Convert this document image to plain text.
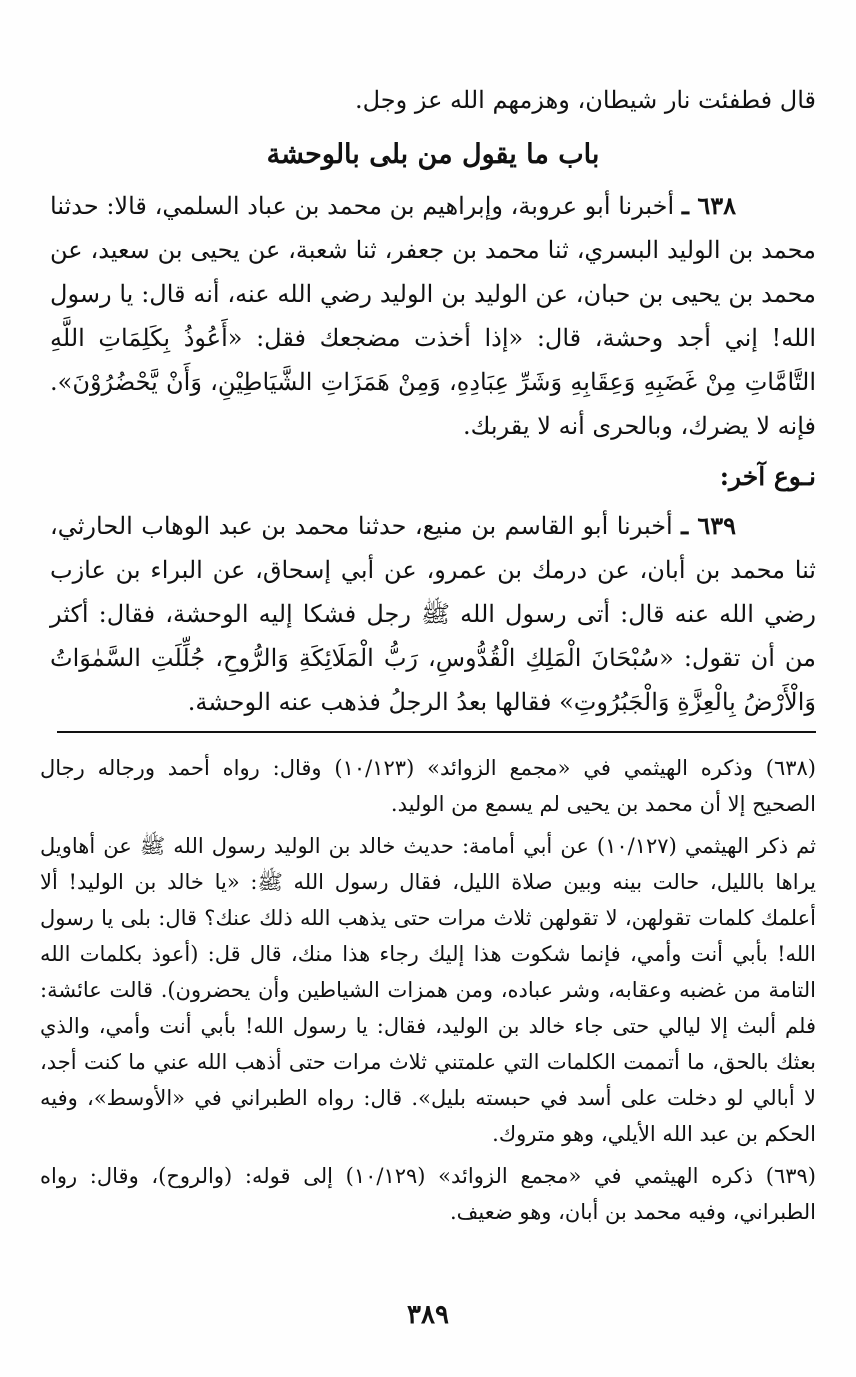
قال فطفئت نار شيطان، وهزمهم الله عز وجل.

باب ما يقول من بلى بالوحشة

٦٣٨ ـ أخبرنا أبو عروبة، وإبراهيم بن محمد بن عباد السلمي، قالا: حدثنا محمد بن الوليد البسري، ثنا محمد بن جعفر، ثنا شعبة، عن يحيى بن سعيد، عن محمد بن يحيى بن حبان، عن الوليد بن الوليد رضي الله عنه، أنه قال: يا رسول الله! إني أجد وحشة، قال: «إذا أخذت مضجعك فقل: «أَعُوذُ بِكَلِمَاتِ اللَّهِ التَّامَّاتِ مِنْ غَضَبِهِ وَعِقَابِهِ وَشَرِّ عِبَادِهِ، وَمِنْ هَمَزَاتِ الشَّيَاطِيْنِ، وَأَنْ يَّحْضُرُوْنَ». فإنه لا يضرك، وبالحرى أنه لا يقربك.

نـوع آخر:

٦٣٩ ـ أخبرنا أبو القاسم بن منيع، حدثنا محمد بن عبد الوهاب الحارثي، ثنا محمد بن أبان، عن درمك بن عمرو، عن أبي إسحاق، عن البراء بن عازب رضي الله عنه قال: أتى رسول الله ﷺ رجل فشكا إليه الوحشة، فقال: أكثر من أن تقول: «سُبْحَانَ الْمَلِكِ الْقُدُّوسِ، رَبُّ الْمَلَائِكَةِ وَالرُّوحِ، جُلِّلَتِ السَّمٰوَاتُ وَالْأَرْضُ بِالْعِزَّةِ وَالْجَبُرُوتِ» فقالها بعدُ الرجلُ فذهب عنه الوحشة.

(٦٣٨) وذكره الهيثمي في «مجمع الزوائد» (١٠/١٢٣) وقال: رواه أحمد ورجاله رجال الصحيح إلا أن محمد بن يحيى لم يسمع من الوليد.

ثم ذكر الهيثمي (١٠/١٢٧) عن أبي أمامة: حديث خالد بن الوليد رسول الله ﷺ عن أهاويل يراها بالليل، حالت بينه وبين صلاة الليل، فقال رسول الله ﷺ: «يا خالد بن الوليد! ألا أعلمك كلمات تقولهن، لا تقولهن ثلاث مرات حتى يذهب الله ذلك عنك؟ قال: بلى يا رسول الله! بأبي أنت وأمي، فإنما شكوت هذا إليك رجاء هذا منك، قال قل: (أعوذ بكلمات الله التامة من غضبه وعقابه، وشر عباده، ومن همزات الشياطين وأن يحضرون). قالت عائشة: فلم ألبث إلا ليالي حتى جاء خالد بن الوليد، فقال: يا رسول الله! بأبي أنت وأمي، والذي بعثك بالحق، ما أتممت الكلمات التي علمتني ثلاث مرات حتى أذهب الله عني ما كنت أجد، لا أبالي لو دخلت على أسد في حبسته بليل». قال: رواه الطبراني في «الأوسط»، وفيه الحكم بن عبد الله الأيلي، وهو متروك.

(٦٣٩) ذكره الهيثمي في «مجمع الزوائد» (١٠/١٢٩) إلى قوله: (والروح)، وقال: رواه الطبراني، وفيه محمد بن أبان، وهو ضعيف.

٣٨٩
